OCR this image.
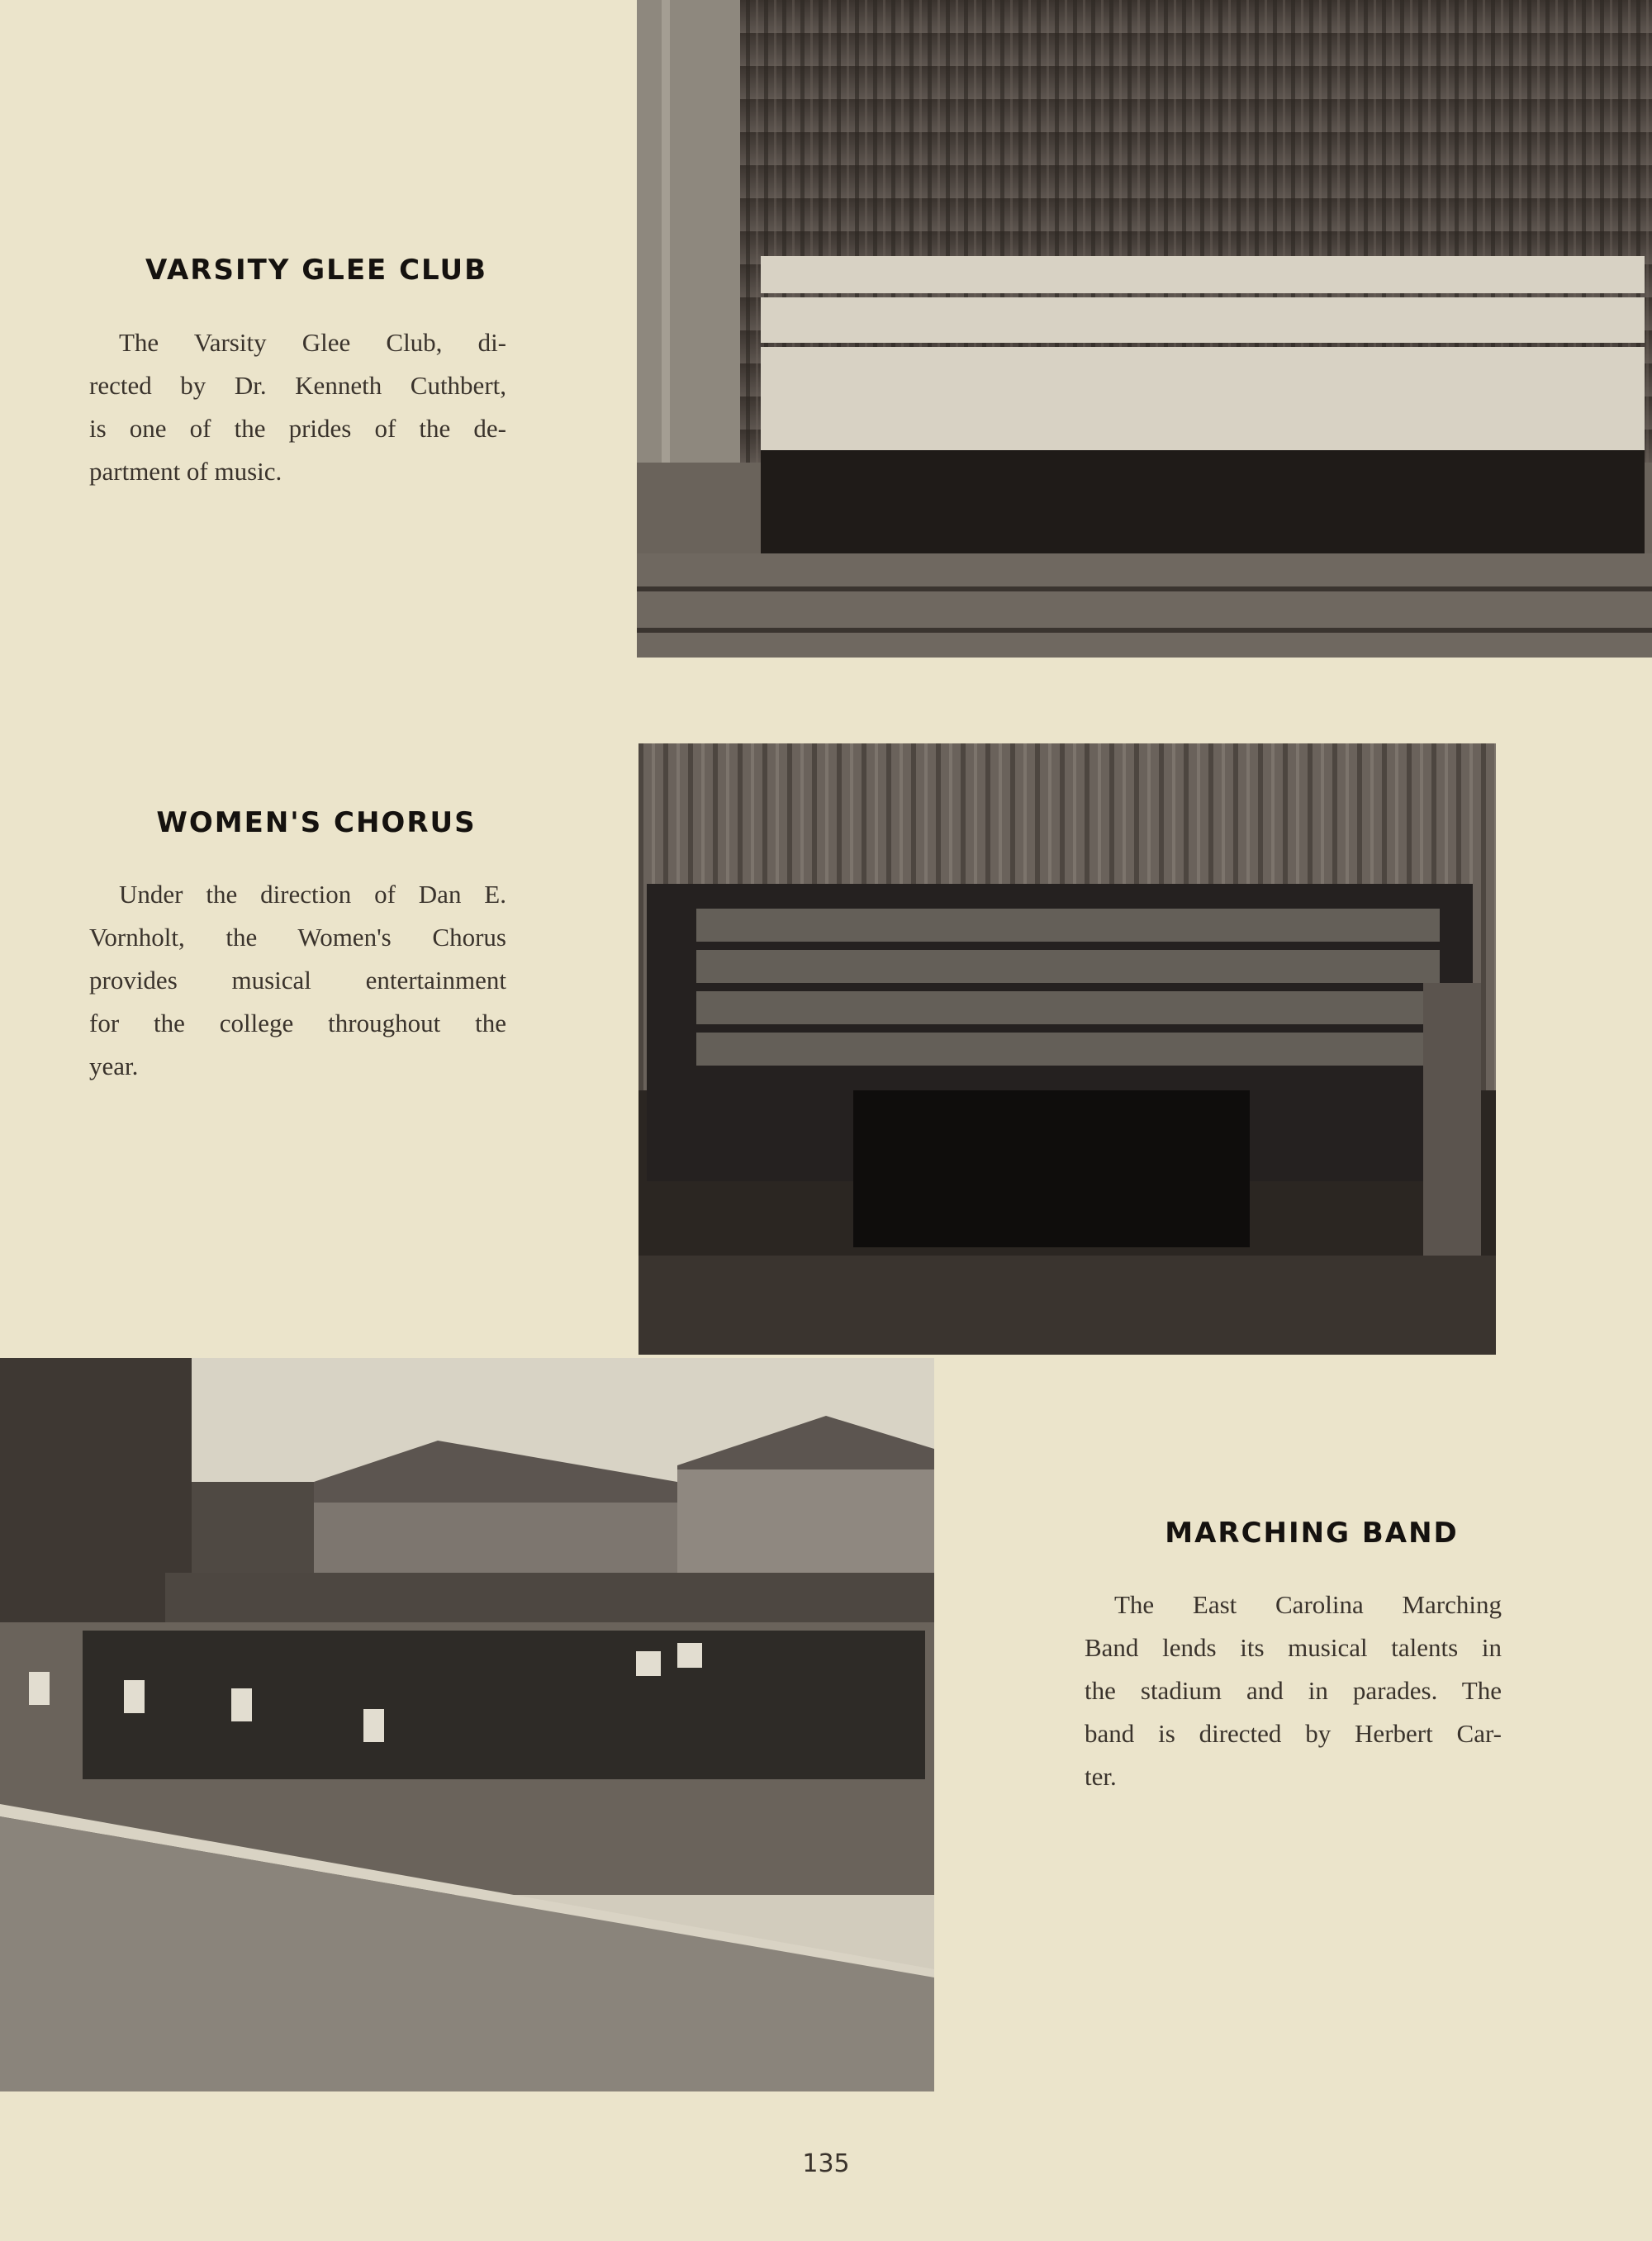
VARSITY GLEE CLUB

The Varsity Glee Club, di-
rected by Dr. Kenneth Cuthbert,
is one of the prides of the de-
partment of music.

WOMEN'S CHORUS

Under the direction of Dan E.
Vornholt, the Women's Chorus
provides musical entertainment
for the college throughout the
year.

MARCHING BAND

The East Carolina Marching
Band lends its musical talents in
the stadium and in parades. The
band is directed by Herbert Car-
ter.

135
